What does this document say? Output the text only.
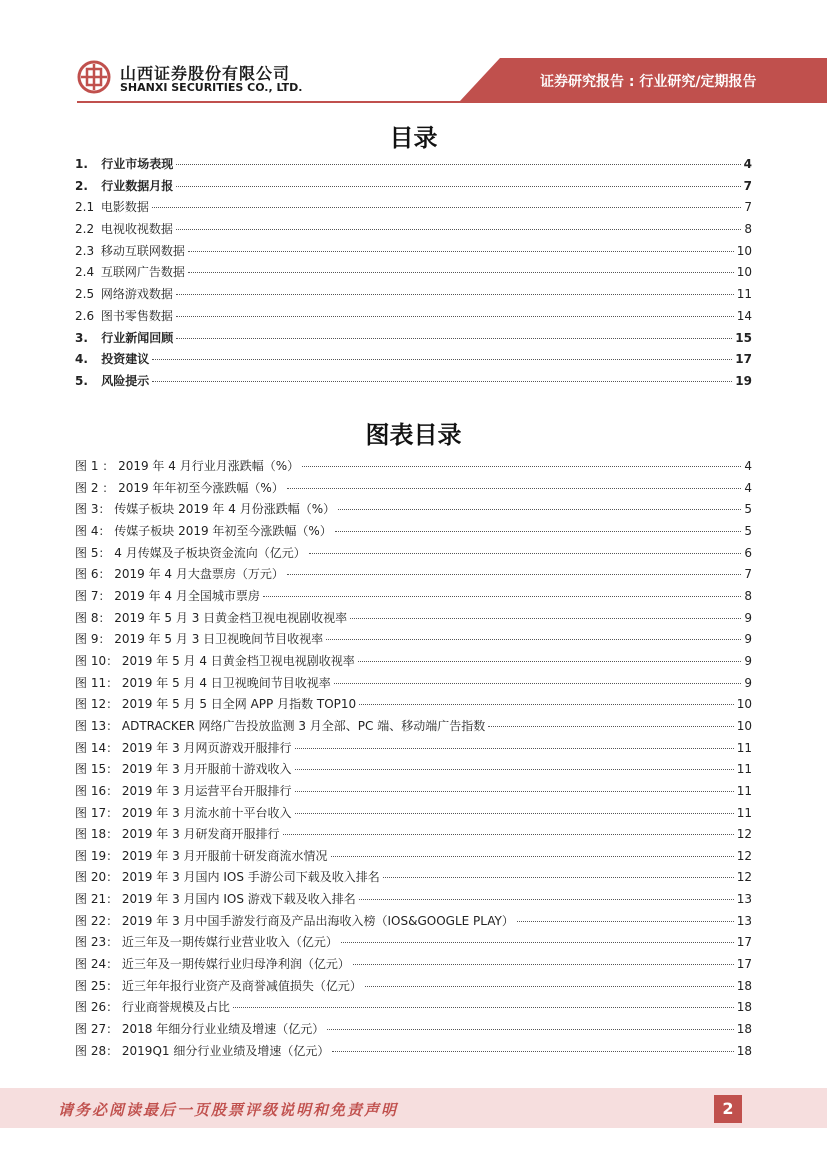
山西证券股份有限公司
SHANXI SECURITIES CO., LTD.	证券研究报告 : 行业研究/定期报告
目录
1. 行业市场表现	4
2. 行业数据月报	7
2.1 电影数据	7
2.2 电视收视数据	8
2.3 移动互联网数据	10
2.4 互联网广告数据	10
2.5 网络游戏数据	11
2.6 图书零售数据	14
3. 行业新闻回顾	15
4. 投资建议	17
5. 风险提示	19
图表目录
图 1 ： 2019 年 4 月行业月涨跌幅（%）	4
图 2 ： 2019 年年初至今涨跌幅（%）	4
图 3： 传媒子板块 2019 年 4 月份涨跌幅（%）	5
图 4： 传媒子板块 2019 年初至今涨跌幅（%）	5
图 5： 4 月传媒及子板块资金流向（亿元）	6
图 6： 2019 年 4 月大盘票房（万元）	7
图 7： 2019 年 4 月全国城市票房	8
图 8： 2019 年 5 月 3 日黄金档卫视电视剧收视率	9
图 9： 2019 年 5 月 3 日卫视晚间节目收视率	9
图 10： 2019 年 5 月 4 日黄金档卫视电视剧收视率	9
图 11： 2019 年 5 月 4 日卫视晚间节目收视率	9
图 12： 2019 年 5 月 5 日全网 APP 月指数 TOP10	10
图 13： ADTRACKER 网络广告投放监测 3 月全部、PC 端、移动端广告指数	10
图 14： 2019 年 3 月网页游戏开服排行	11
图 15： 2019 年 3 月开服前十游戏收入	11
图 16： 2019 年 3 月运营平台开服排行	11
图 17： 2019 年 3 月流水前十平台收入	11
图 18： 2019 年 3 月研发商开服排行	12
图 19： 2019 年 3 月开服前十研发商流水情况	12
图 20： 2019 年 3 月国内 IOS 手游公司下载及收入排名	12
图 21： 2019 年 3 月国内 IOS 游戏下载及收入排名	13
图 22： 2019 年 3 月中国手游发行商及产品出海收入榜（IOS&GOOGLE PLAY）	13
图 23： 近三年及一期传媒行业营业收入（亿元）	17
图 24： 近三年及一期传媒行业归母净利润（亿元）	17
图 25： 近三年年报行业资产及商誉减值损失（亿元）	18
图 26： 行业商誉规模及占比	18
图 27： 2018 年细分行业业绩及增速（亿元）	18
图 28： 2019Q1 细分行业业绩及增速（亿元）	18
请务必阅读最后一页股票评级说明和免责声明	2
